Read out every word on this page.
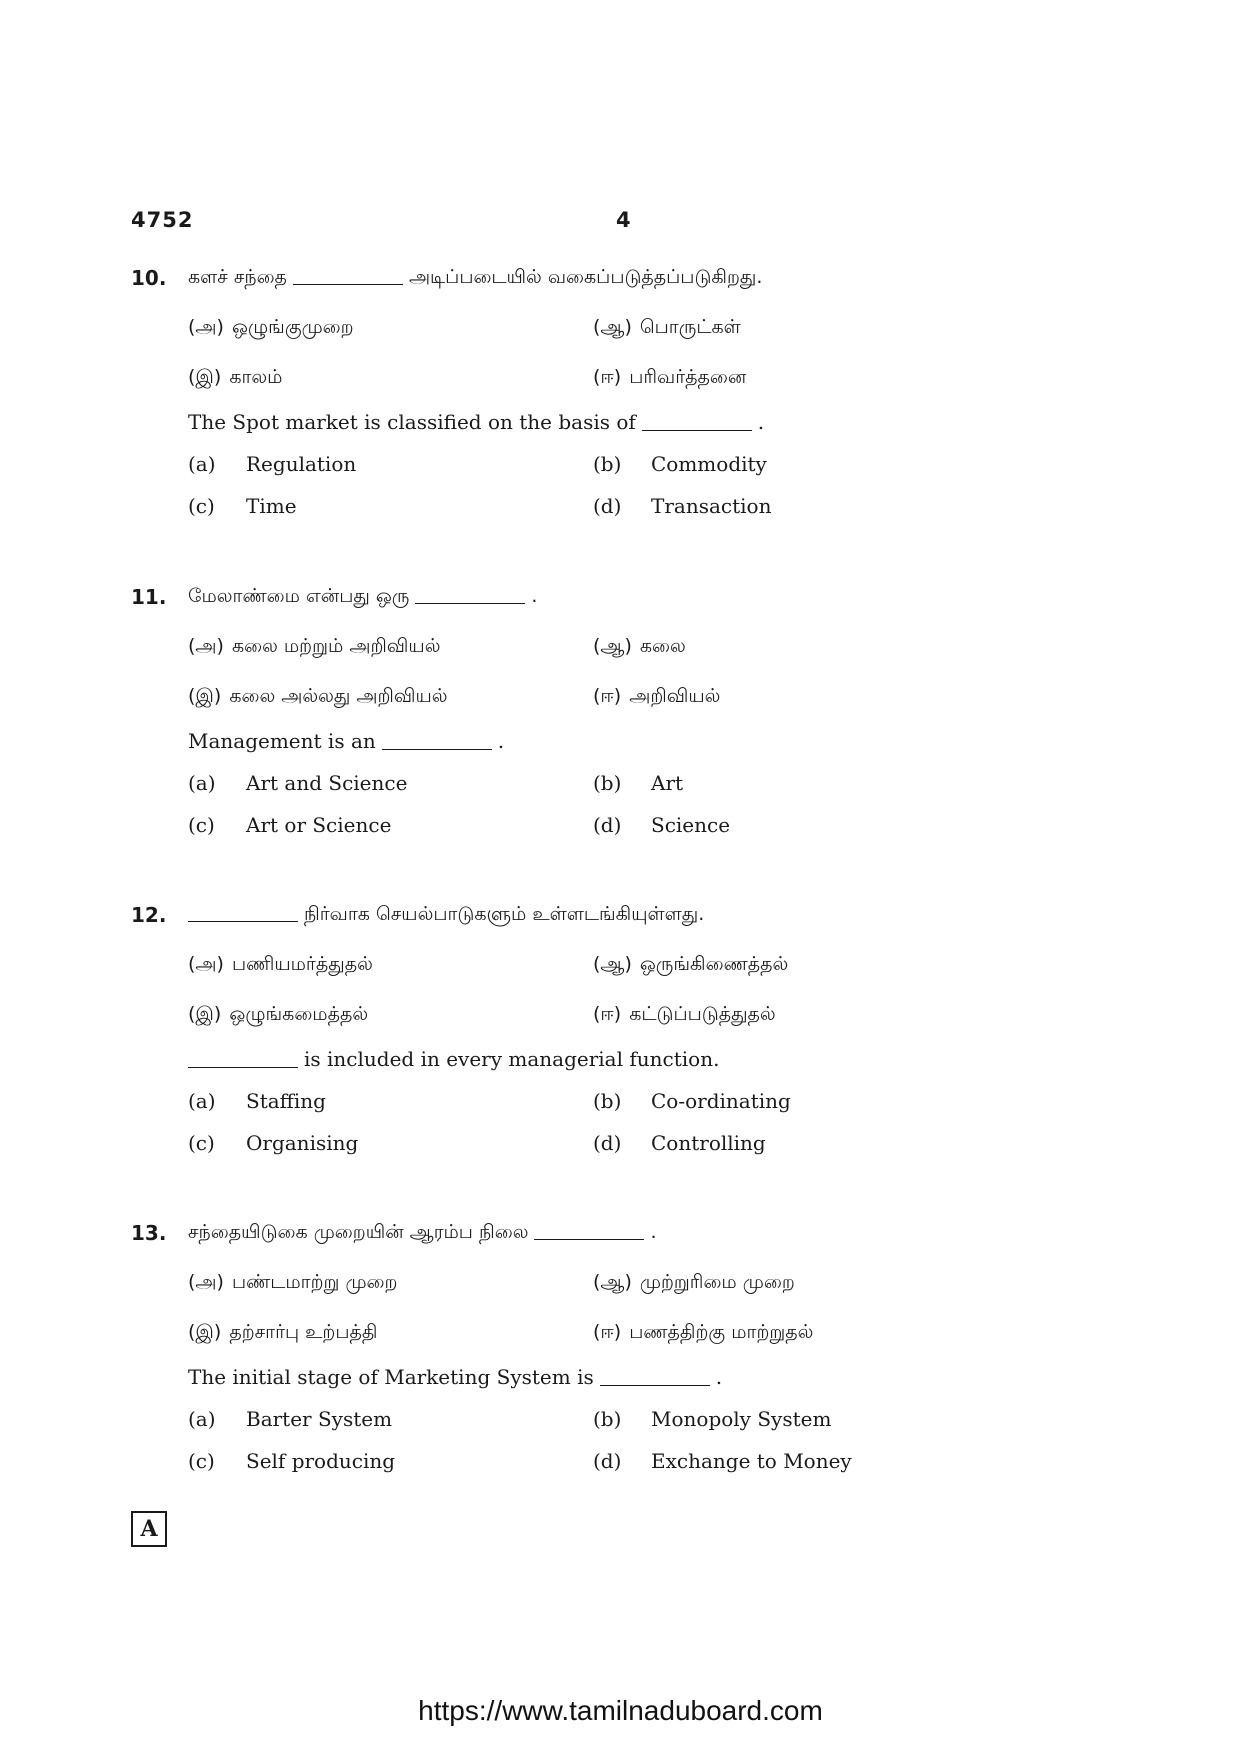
4752	4
10. களச் சந்தை	அடிப்படையில் வகைப்படுத்தப்படுகிறது.
(அ) ஒழுங்குமுறை	(ஆ) பொருட்கள்
(இ) காலம்	(ஈ) பரிவர்த்தனை
The Spot market is classified on the basis of	.
(a) Regulation	(b) Commodity
(c) Time	(d) Transaction
11. மேலாண்மை என்பது ஒரு	.
(அ) கலை மற்றும் அறிவியல்	(ஆ) கலை
(இ) கலை அல்லது அறிவியல்	(ஈ) அறிவியல்
Management is an	.
(a) Art and Science	(b) Art
(c) Art or Science	(d) Science
12.	நிர்வாக செயல்பாடுகளும் உள்ளடங்கியுள்ளது.
(அ) பணியமர்த்துதல்	(ஆ) ஒருங்கிணைத்தல்
(இ) ஒழுங்கமைத்தல்	(ஈ) கட்டுப்படுத்துதல்
is included in every managerial function.
(a) Staffing	(b) Co-ordinating
(c) Organising	(d) Controlling
13. சந்தையிடுகை முறையின் ஆரம்ப நிலை	.
(அ) பண்டமாற்று முறை	(ஆ) முற்றுரிமை முறை
(இ) தற்சார்பு உற்பத்தி	(ஈ) பணத்திற்கு மாற்றுதல்
The initial stage of Marketing System is	.
(a) Barter System	(b) Monopoly System
(c) Self producing	(d) Exchange to Money
A
https://www.tamilnaduboard.com
